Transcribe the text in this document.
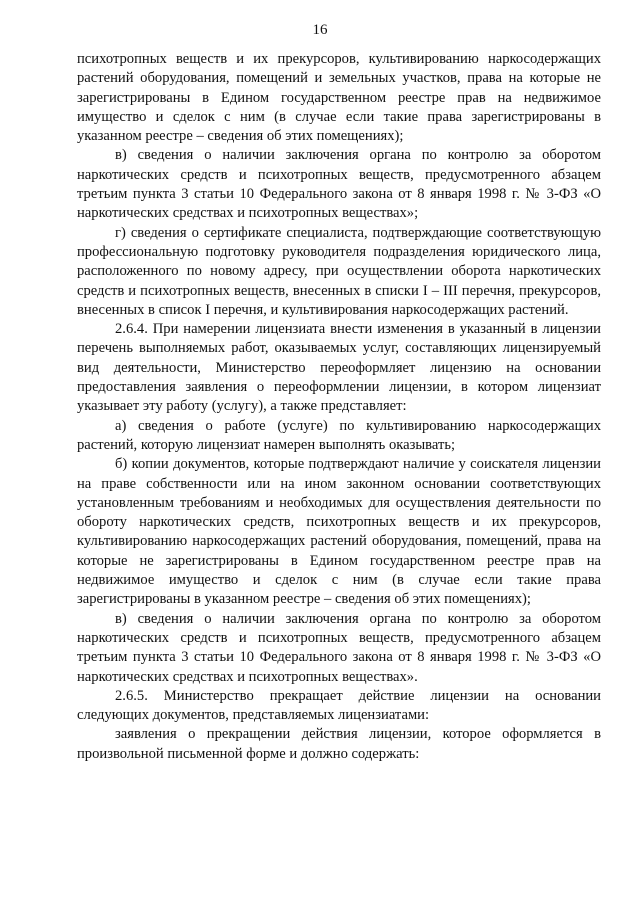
16

психотропных веществ и их прекурсоров, культивированию наркосодержащих растений оборудования, помещений и земельных участков, права на которые не зарегистрированы в Едином государственном реестре прав на недвижимое имущество и сделок с ним (в случае если такие права зарегистрированы в указанном реестре – сведения об этих помещениях);

в) сведения о наличии заключения органа по контролю за оборотом наркотических средств и психотропных веществ, предусмотренного абзацем третьим пункта 3 статьи 10 Федерального закона от 8 января 1998 г. № 3-ФЗ «О наркотических средствах и психотропных веществах»;

г) сведения о сертификате специалиста, подтверждающие соответствующую профессиональную подготовку руководителя подразделения юридического лица, расположенного по новому адресу, при осуществлении оборота наркотических средств и психотропных веществ, внесенных в списки I – III перечня, прекурсоров, внесенных в список I перечня, и культивирования наркосодержащих растений.

2.6.4. При намерении лицензиата внести изменения в указанный в лицензии перечень выполняемых работ, оказываемых услуг, составляющих лицензируемый вид деятельности, Министерство переоформляет лицензию на основании предоставления заявления о переоформлении лицензии, в котором лицензиат указывает эту работу (услугу), а также представляет:

а) сведения о работе (услуге) по культивированию наркосодержащих растений, которую лицензиат намерен выполнять оказывать;

б) копии документов, которые подтверждают наличие у соискателя лицензии на праве собственности или на ином законном основании соответствующих установленным требованиям и необходимых для осуществления деятельности по обороту наркотических средств, психотропных веществ и их прекурсоров, культивированию наркосодержащих растений оборудования, помещений, права на которые не зарегистрированы в Едином государственном реестре прав на недвижимое имущество и сделок с ним (в случае если такие права зарегистрированы в указанном реестре – сведения об этих помещениях);

в) сведения о наличии заключения органа по контролю за оборотом наркотических средств и психотропных веществ, предусмотренного абзацем третьим пункта 3 статьи 10 Федерального закона от 8 января 1998 г. № 3-ФЗ «О наркотических средствах и психотропных веществах».

2.6.5. Министерство прекращает действие лицензии на основании следующих документов, представляемых лицензиатами:

заявления о прекращении действия лицензии, которое оформляется в произвольной письменной форме и должно содержать:
